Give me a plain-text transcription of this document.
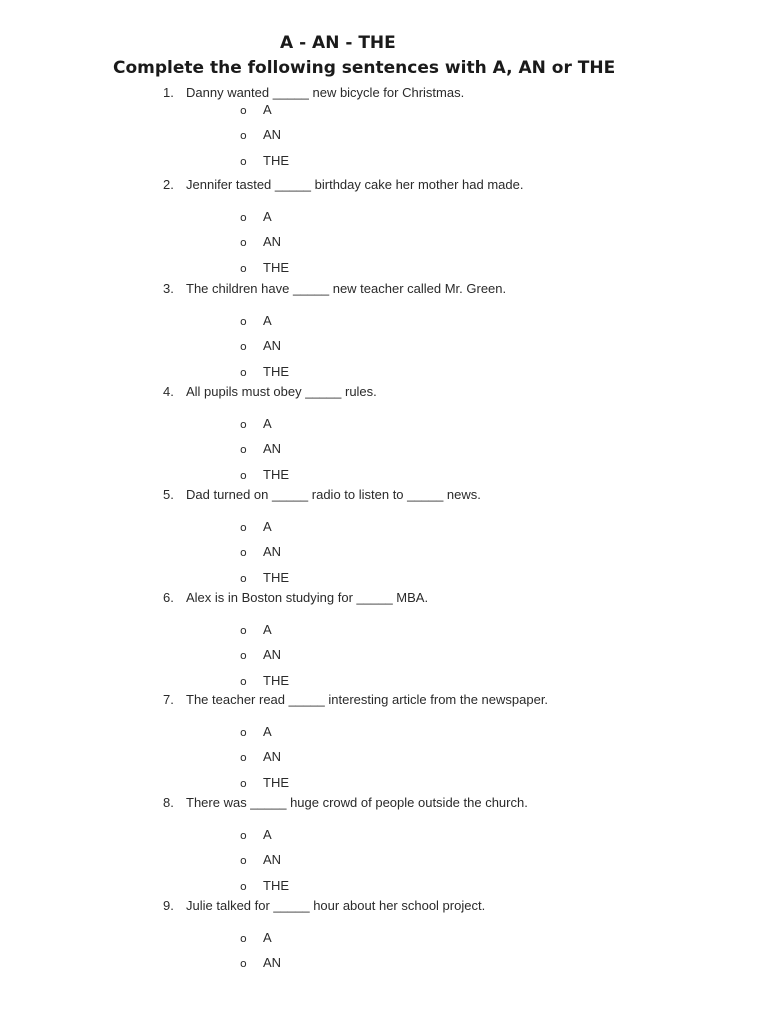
A - AN - THE
Complete the following sentences with A, AN or THE
1. Danny wanted _____ new bicycle for Christmas.
o A
o AN
o THE
2. Jennifer tasted _____ birthday cake her mother had made.
o A
o AN
o THE
3. The children have _____ new teacher called Mr. Green.
o A
o AN
o THE
4. All pupils must obey _____ rules.
o A
o AN
o THE
5. Dad turned on _____ radio to listen to _____ news.
o A
o AN
o THE
6. Alex is in Boston studying for _____ MBA.
o A
o AN
o THE
7. The teacher read _____ interesting article from the newspaper.
o A
o AN
o THE
8. There was _____ huge crowd of people outside the church.
o A
o AN
o THE
9. Julie talked for _____ hour about her school project.
o A
o AN
